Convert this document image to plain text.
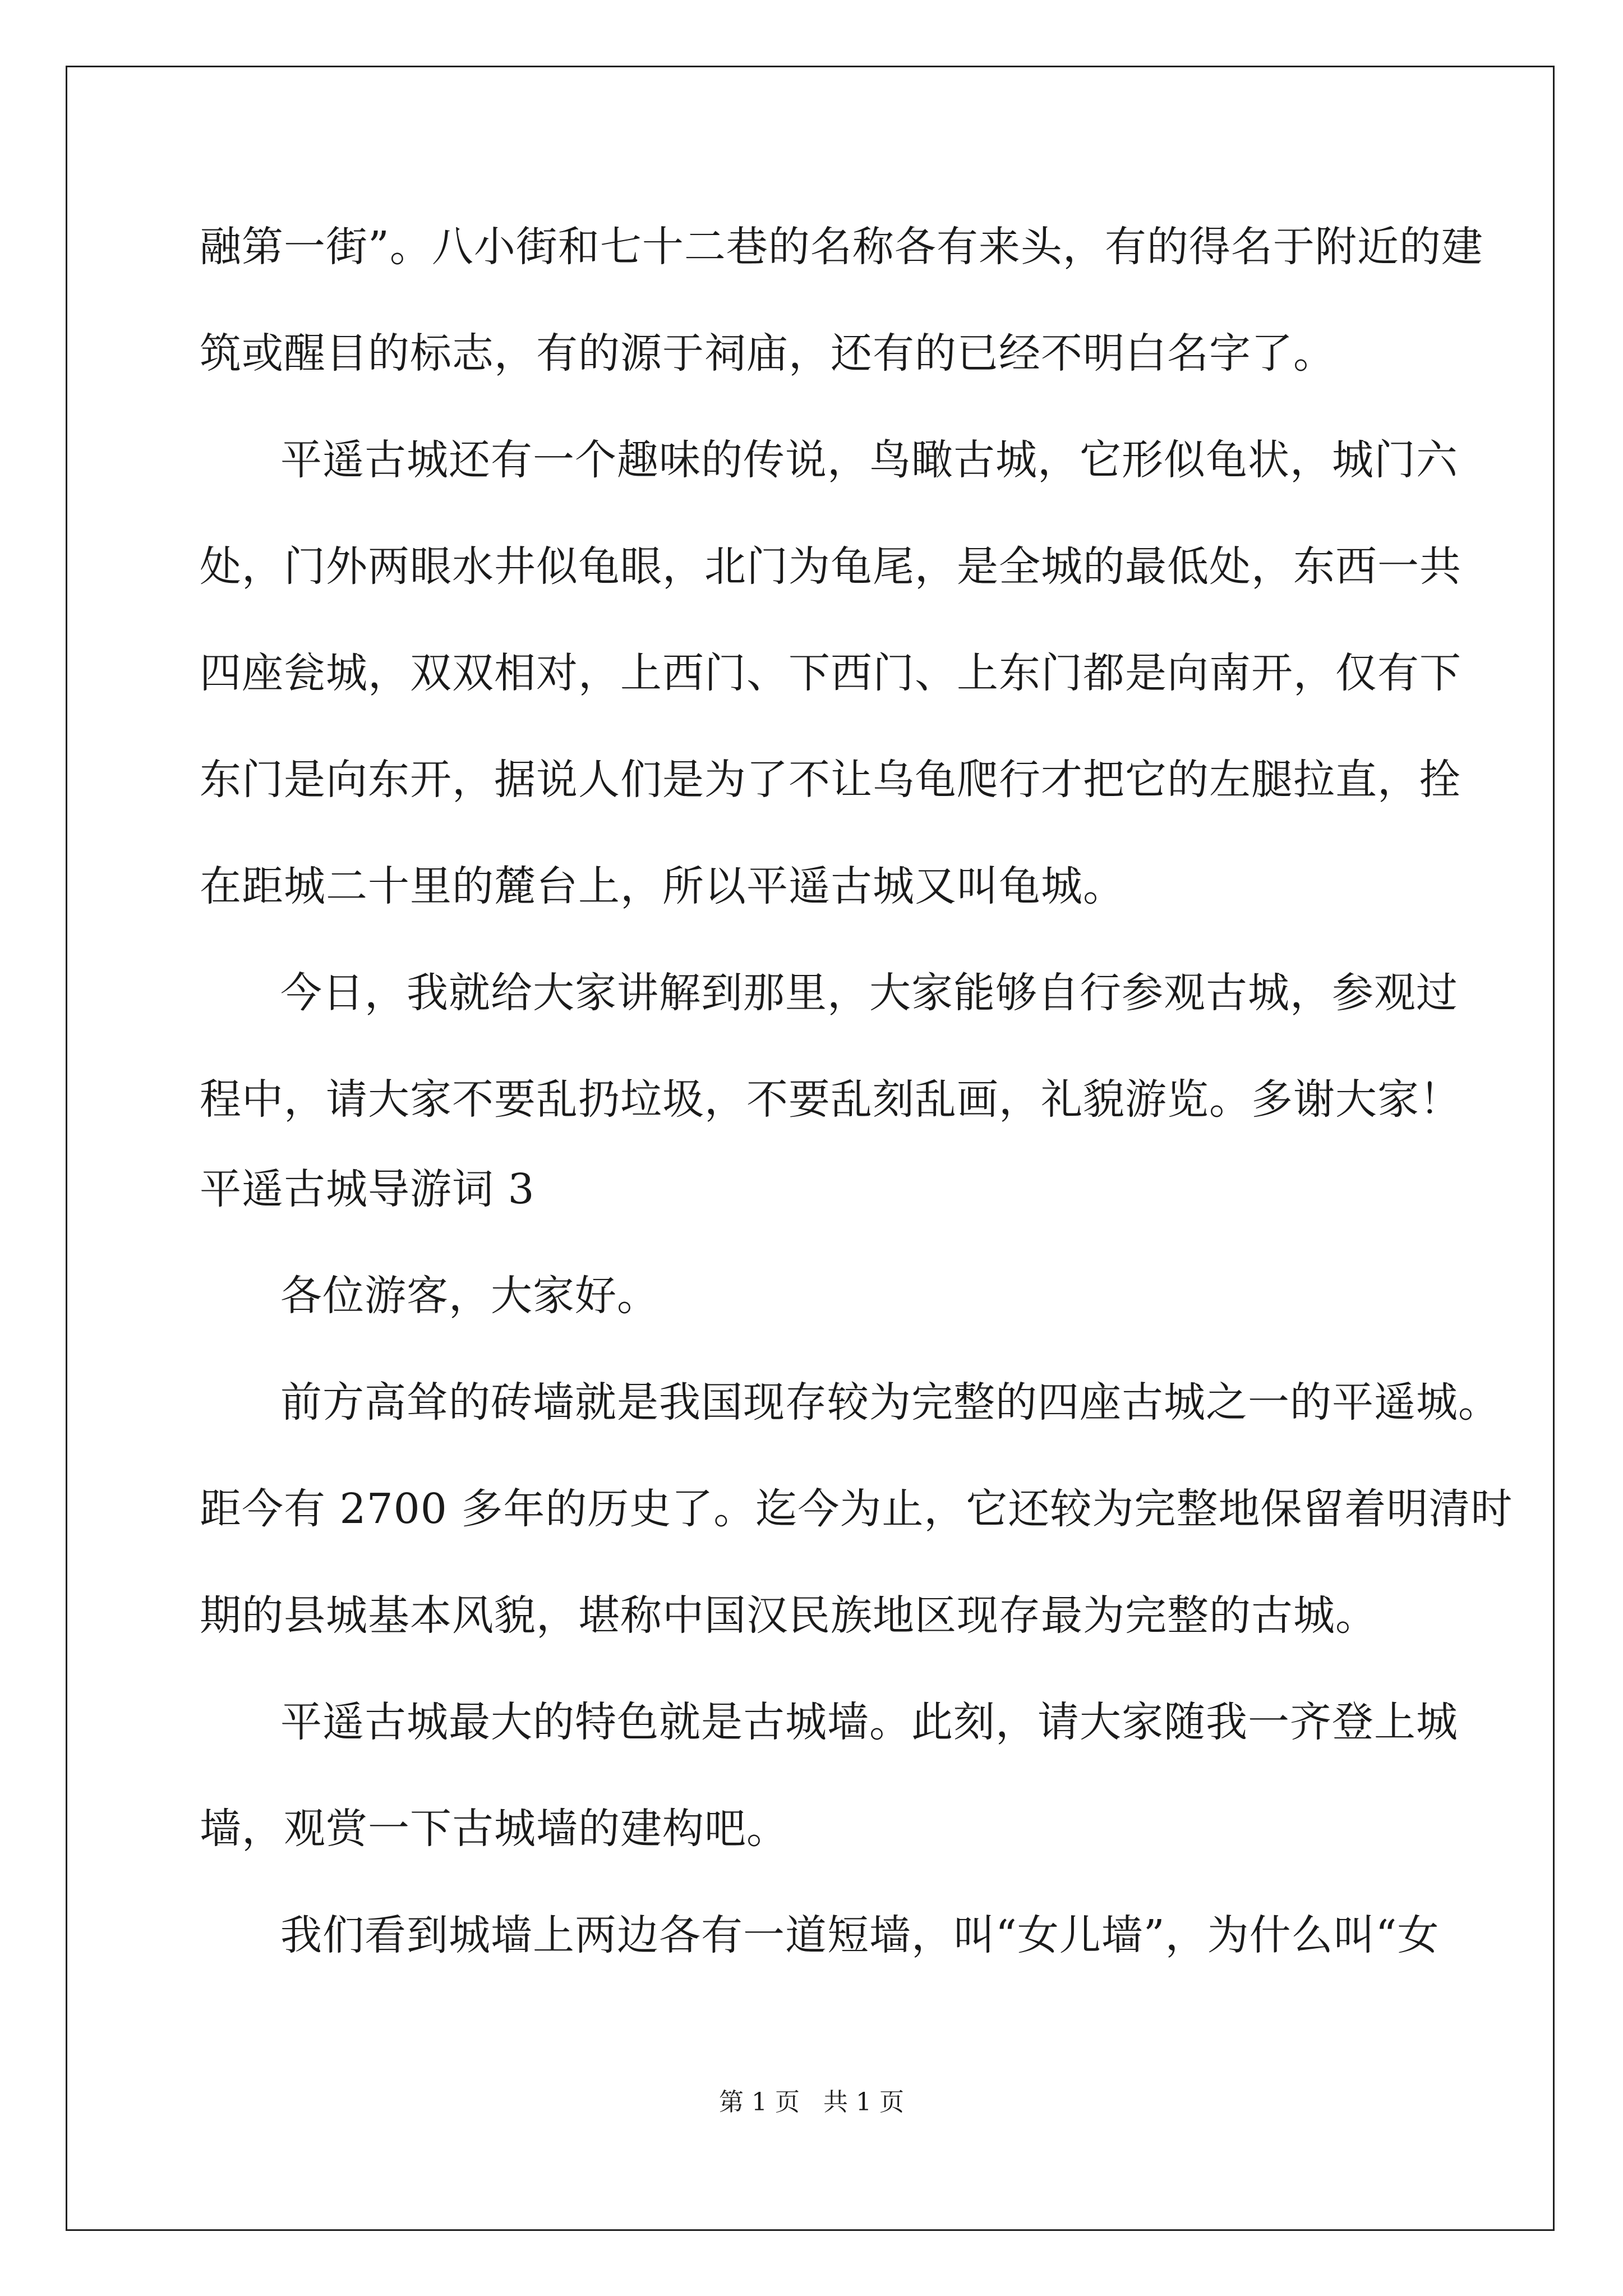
融第一街”。八小街和七十二巷的名称各有来头，有的得名于附近的建
筑或醒目的标志，有的源于祠庙，还有的已经不明白名字了。
平遥古城还有一个趣味的传说，鸟瞰古城，它形似龟状，城门六
处，门外两眼水井似龟眼，北门为龟尾，是全城的最低处，东西一共
四座瓮城，双双相对，上西门、下西门、上东门都是向南开，仅有下
东门是向东开，据说人们是为了不让乌龟爬行才把它的左腿拉直，拴
在距城二十里的麓台上，所以平遥古城又叫龟城。
今日，我就给大家讲解到那里，大家能够自行参观古城，参观过
程中，请大家不要乱扔垃圾，不要乱刻乱画，礼貌游览。多谢大家！
平遥古城导游词 3
各位游客，大家好。
前方高耸的砖墙就是我国现存较为完整的四座古城之一的平遥城。
距今有 2700 多年的历史了。迄今为止，它还较为完整地保留着明清时
期的县城基本风貌，堪称中国汉民族地区现存最为完整的古城。
平遥古城最大的特色就是古城墙。此刻，请大家随我一齐登上城
墙，观赏一下古城墙的建构吧。
我们看到城墙上两边各有一道短墙，叫“女儿墙”，为什么叫“女
第 1 页   共 1 页
